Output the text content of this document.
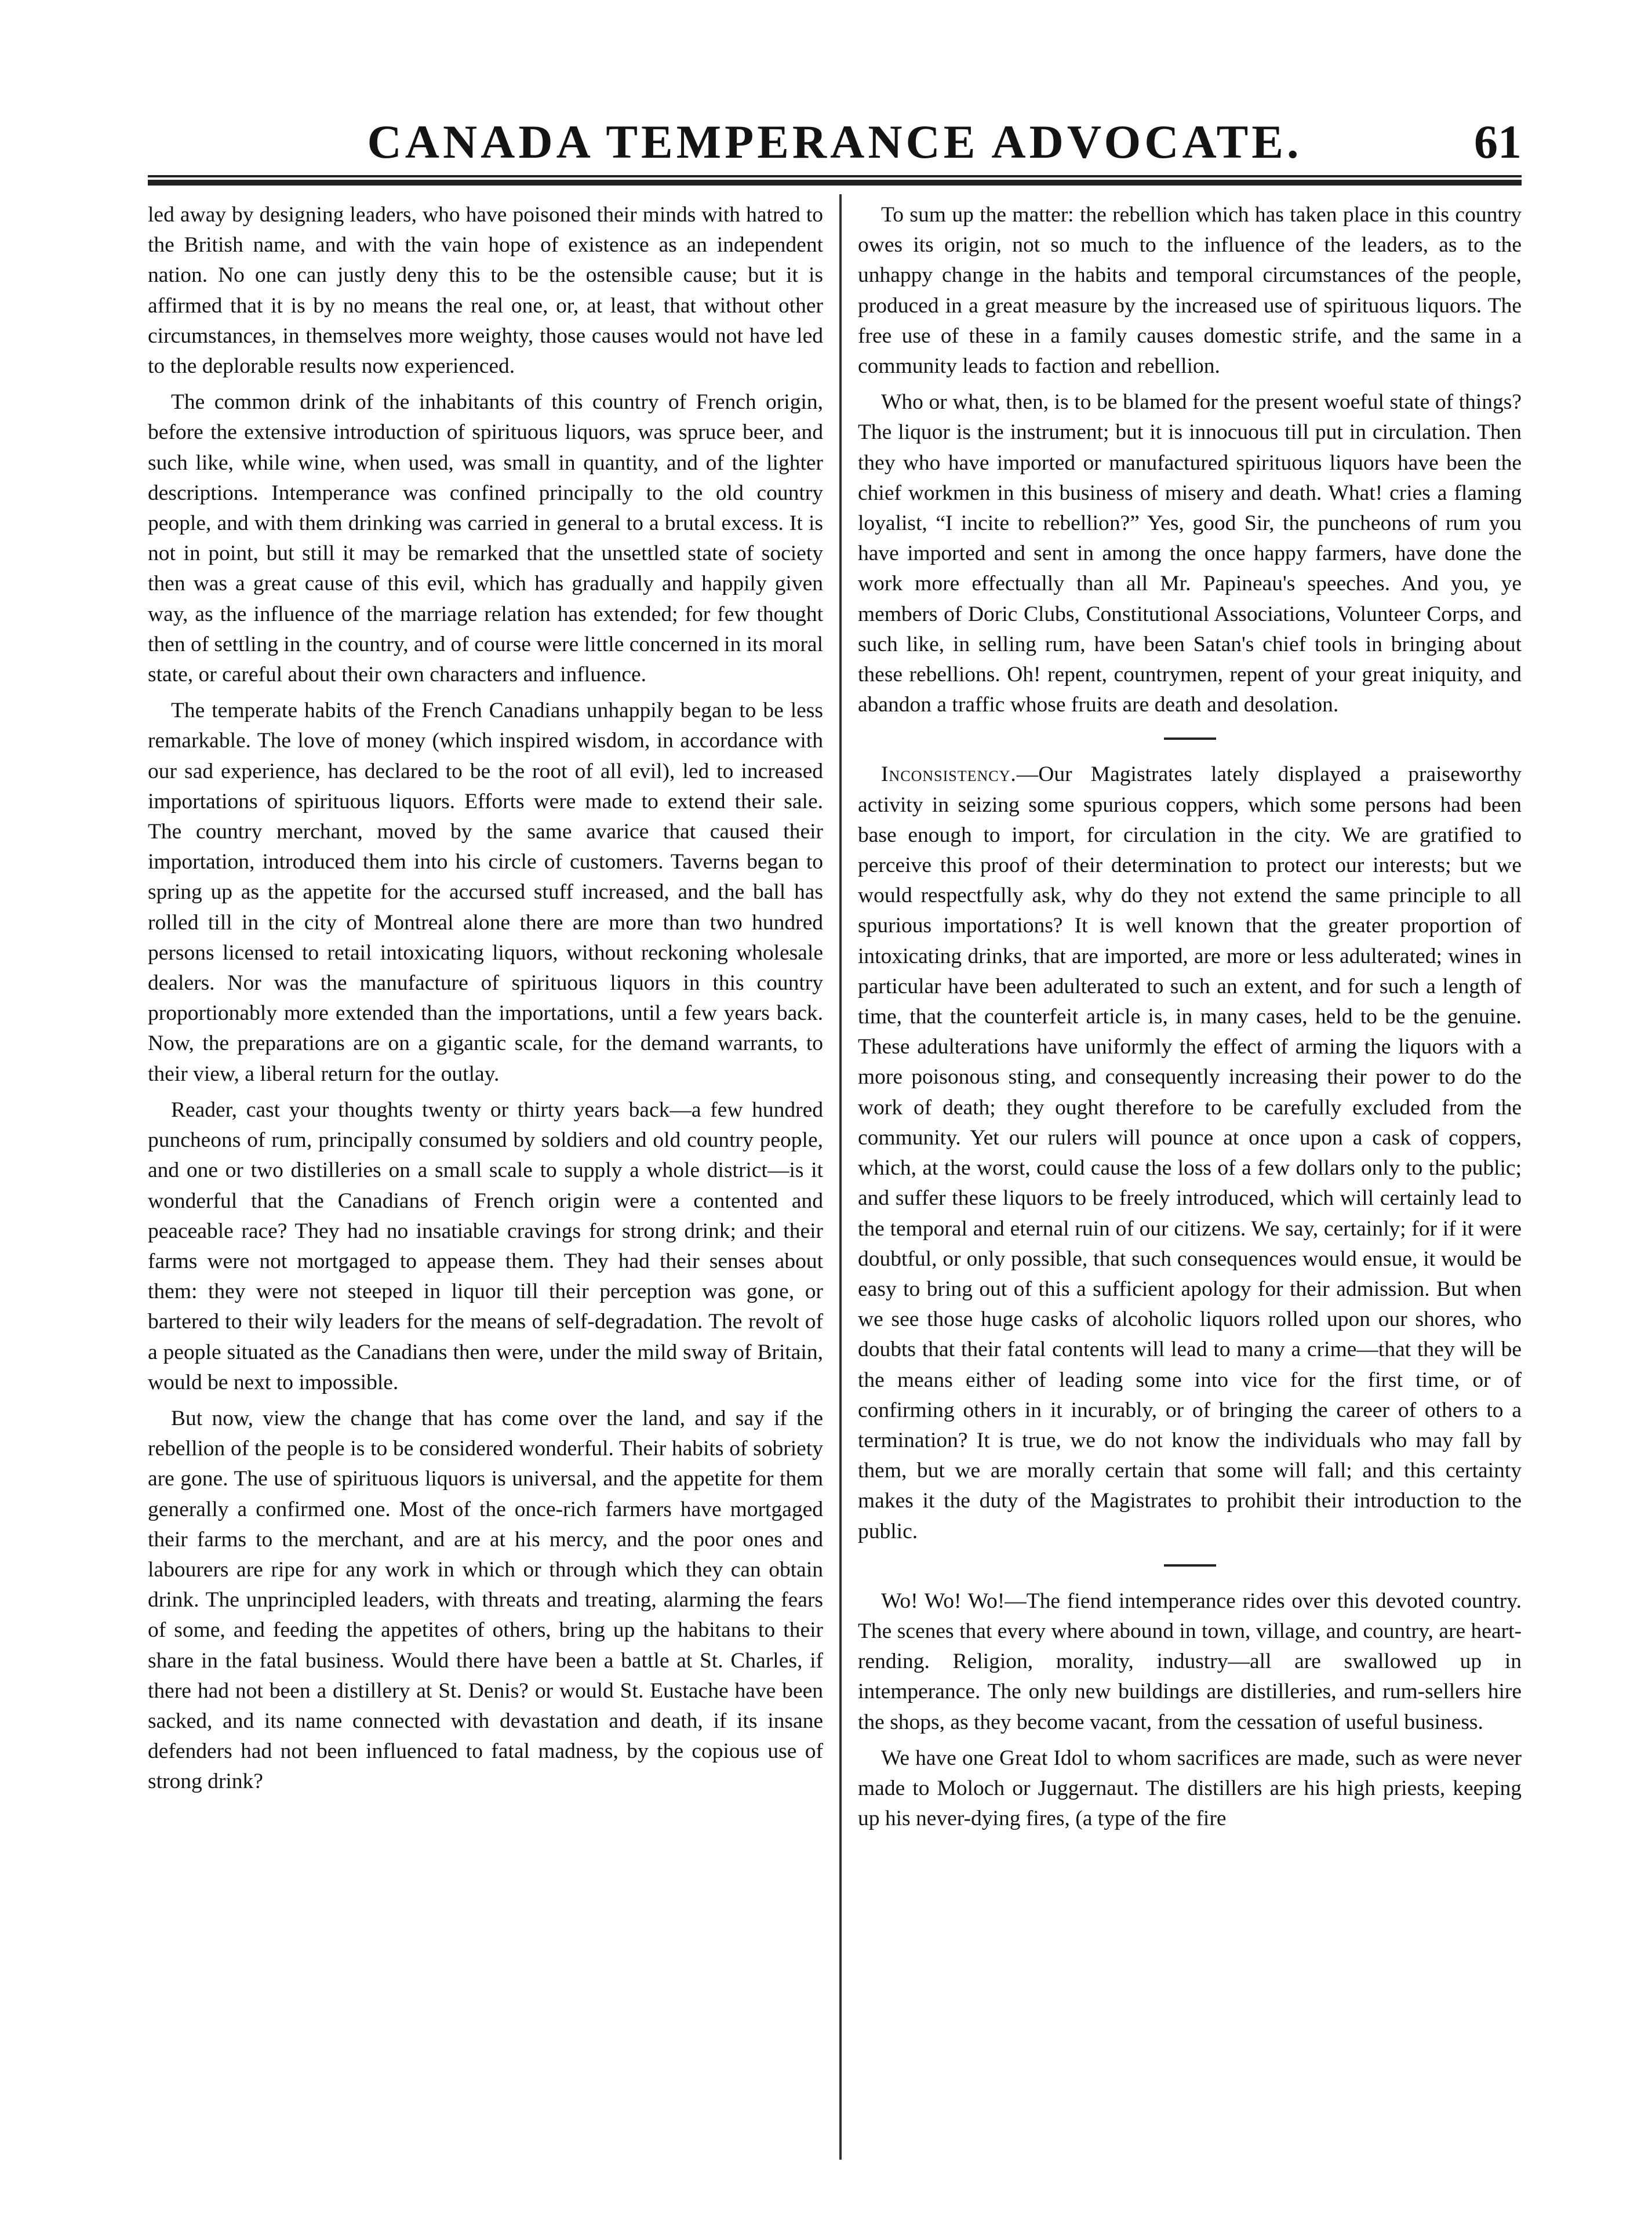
CANADA TEMPERANCE ADVOCATE.	61

led away by designing leaders, who have poisoned their minds with hatred to the British name, and with the vain hope of existence as an independent nation. No one can justly deny this to be the ostensible cause; but it is affirmed that it is by no means the real one, or, at least, that without other circumstances, in themselves more weighty, those causes would not have led to the deplorable results now experienced.

The common drink of the inhabitants of this country of French origin, before the extensive introduction of spirituous liquors, was spruce beer, and such like, while wine, when used, was small in quantity, and of the lighter descriptions. Intemperance was confined principally to the old country people, and with them drinking was carried in general to a brutal excess. It is not in point, but still it may be remarked that the unsettled state of society then was a great cause of this evil, which has gradually and happily given way, as the influence of the marriage relation has extended; for few thought then of settling in the country, and of course were little concerned in its moral state, or careful about their own characters and influence.

The temperate habits of the French Canadians unhappily began to be less remarkable. The love of money (which inspired wisdom, in accordance with our sad experience, has declared to be the root of all evil), led to increased importations of spirituous liquors. Efforts were made to extend their sale. The country merchant, moved by the same avarice that caused their importation, introduced them into his circle of customers. Taverns began to spring up as the appetite for the accursed stuff increased, and the ball has rolled till in the city of Montreal alone there are more than two hundred persons licensed to retail intoxicating liquors, without reckoning wholesale dealers. Nor was the manufacture of spirituous liquors in this country proportionably more extended than the importations, until a few years back. Now, the preparations are on a gigantic scale, for the demand warrants, to their view, a liberal return for the outlay.

Reader, cast your thoughts twenty or thirty years back—a few hundred puncheons of rum, principally consumed by soldiers and old country people, and one or two distilleries on a small scale to supply a whole district—is it wonderful that the Canadians of French origin were a contented and peaceable race? They had no insatiable cravings for strong drink; and their farms were not mortgaged to appease them. They had their senses about them: they were not steeped in liquor till their perception was gone, or bartered to their wily leaders for the means of self-degradation. The revolt of a people situated as the Canadians then were, under the mild sway of Britain, would be next to impossible.

But now, view the change that has come over the land, and say if the rebellion of the people is to be considered wonderful. Their habits of sobriety are gone. The use of spirituous liquors is universal, and the appetite for them generally a confirmed one. Most of the once-rich farmers have mortgaged their farms to the merchant, and are at his mercy, and the poor ones and labourers are ripe for any work in which or through which they can obtain drink. The unprincipled leaders, with threats and treating, alarming the fears of some, and feeding the appetites of others, bring up the habitans to their share in the fatal business. Would there have been a battle at St. Charles, if there had not been a distillery at St. Denis? or would St. Eustache have been sacked, and its name connected with devastation and death, if its insane defenders had not been influenced to fatal madness, by the copious use of strong drink?

To sum up the matter: the rebellion which has taken place in this country owes its origin, not so much to the influence of the leaders, as to the unhappy change in the habits and temporal circumstances of the people, produced in a great measure by the increased use of spirituous liquors. The free use of these in a family causes domestic strife, and the same in a community leads to faction and rebellion.

Who or what, then, is to be blamed for the present woeful state of things? The liquor is the instrument; but it is innocuous till put in circulation. Then they who have imported or manufactured spirituous liquors have been the chief workmen in this business of misery and death. What! cries a flaming loyalist, “I incite to rebellion?” Yes, good Sir, the puncheons of rum you have imported and sent in among the once happy farmers, have done the work more effectually than all Mr. Papineau's speeches. And you, ye members of Doric Clubs, Constitutional Associations, Volunteer Corps, and such like, in selling rum, have been Satan's chief tools in bringing about these rebellions. Oh! repent, countrymen, repent of your great iniquity, and abandon a traffic whose fruits are death and desolation.

Inconsistency.—Our Magistrates lately displayed a praiseworthy activity in seizing some spurious coppers, which some persons had been base enough to import, for circulation in the city. We are gratified to perceive this proof of their determination to protect our interests; but we would respectfully ask, why do they not extend the same principle to all spurious importations? It is well known that the greater proportion of intoxicating drinks, that are imported, are more or less adulterated; wines in particular have been adulterated to such an extent, and for such a length of time, that the counterfeit article is, in many cases, held to be the genuine. These adulterations have uniformly the effect of arming the liquors with a more poisonous sting, and consequently increasing their power to do the work of death; they ought therefore to be carefully excluded from the community. Yet our rulers will pounce at once upon a cask of coppers, which, at the worst, could cause the loss of a few dollars only to the public; and suffer these liquors to be freely introduced, which will certainly lead to the temporal and eternal ruin of our citizens. We say, certainly; for if it were doubtful, or only possible, that such consequences would ensue, it would be easy to bring out of this a sufficient apology for their admission. But when we see those huge casks of alcoholic liquors rolled upon our shores, who doubts that their fatal contents will lead to many a crime—that they will be the means either of leading some into vice for the first time, or of confirming others in it incurably, or of bringing the career of others to a termination? It is true, we do not know the individuals who may fall by them, but we are morally certain that some will fall; and this certainty makes it the duty of the Magistrates to prohibit their introduction to the public.

Wo! Wo! Wo!—The fiend intemperance rides over this devoted country. The scenes that every where abound in town, village, and country, are heart-rending. Religion, morality, industry—all are swallowed up in intemperance. The only new buildings are distilleries, and rum-sellers hire the shops, as they become vacant, from the cessation of useful business.

We have one Great Idol to whom sacrifices are made, such as were never made to Moloch or Juggernaut. The distillers are his high priests, keeping up his never-dying fires, (a type of the fire
